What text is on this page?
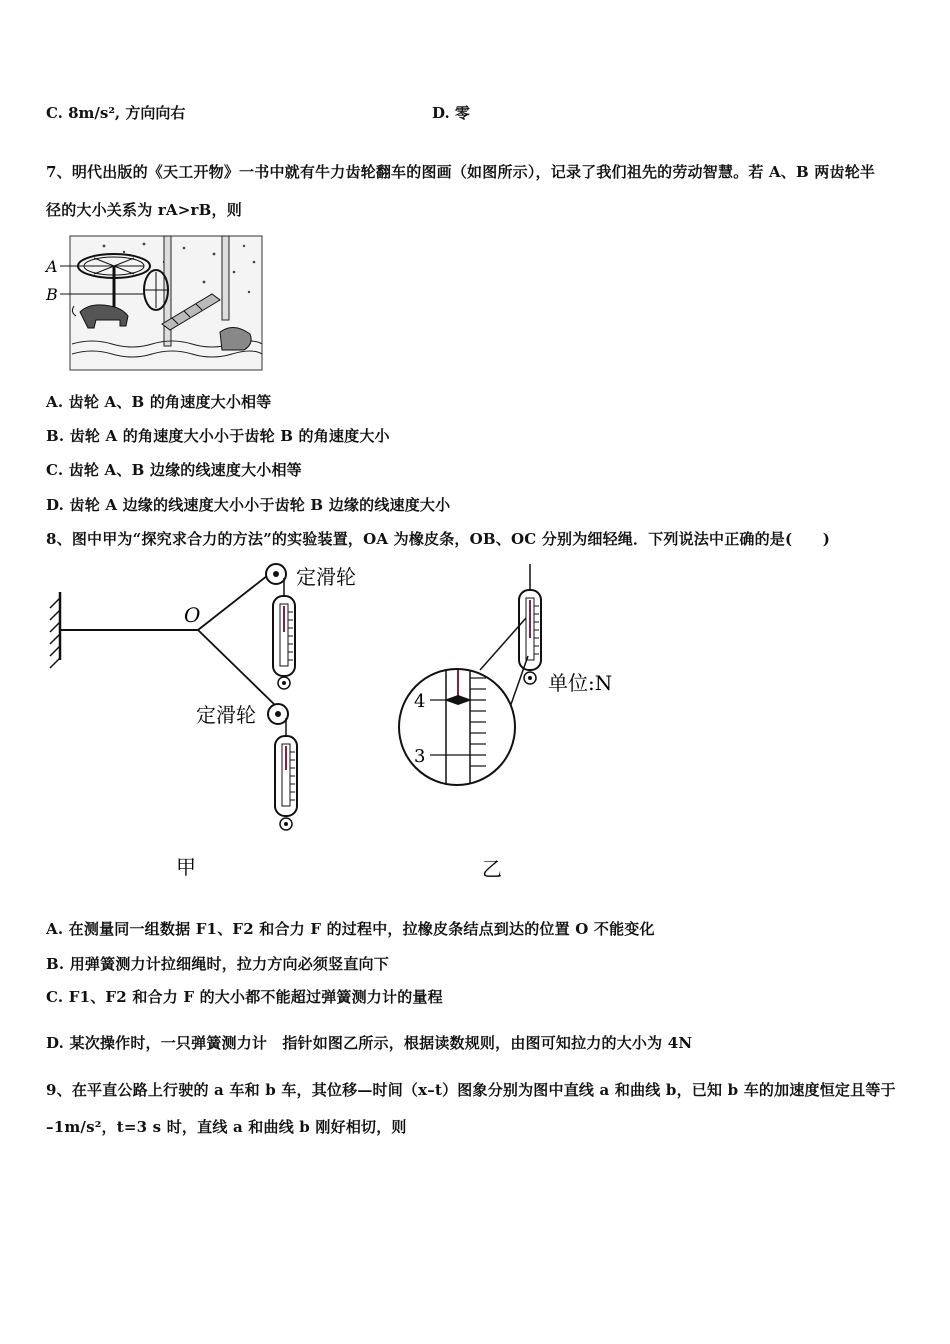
C. 8m/s², 方向向右	D. 零
7、明代出版的《天工开物》一书中就有牛力齿轮翻车的图画（如图所示），记录了我们祖先的劳动智慧。若 A、B 两齿轮半
径的大小关系为 rA>rB，则
A
B
A. 齿轮 A、B 的角速度大小相等
B. 齿轮 A 的角速度大小小于齿轮 B 的角速度大小
C. 齿轮 A、B 边缘的线速度大小相等
D. 齿轮 A 边缘的线速度大小小于齿轮 B 边缘的线速度大小
8、图中甲为“探究求合力的方法”的实验装置，OA 为橡皮条，OB、OC 分别为细轻绳．下列说法中正确的是(　　)
O
定滑轮
定滑轮
单位:N
4
3
甲	乙
A. 在测量同一组数据 F1、F2 和合力 F 的过程中，拉橡皮条结点到达的位置 O 不能变化
B. 用弹簧测力计拉细绳时，拉力方向必须竖直向下
C. F1、F2 和合力 F 的大小都不能超过弹簧测力计的量程
D. 某次操作时，一只弹簧测力计　指针如图乙所示，根据读数规则，由图可知拉力的大小为 4N
9、在平直公路上行驶的 a 车和 b 车，其位移—时间（x–t）图象分别为图中直线 a 和曲线 b，已知 b 车的加速度恒定且等于
–1m/s²，t=3 s 时，直线 a 和曲线 b 刚好相切，则
